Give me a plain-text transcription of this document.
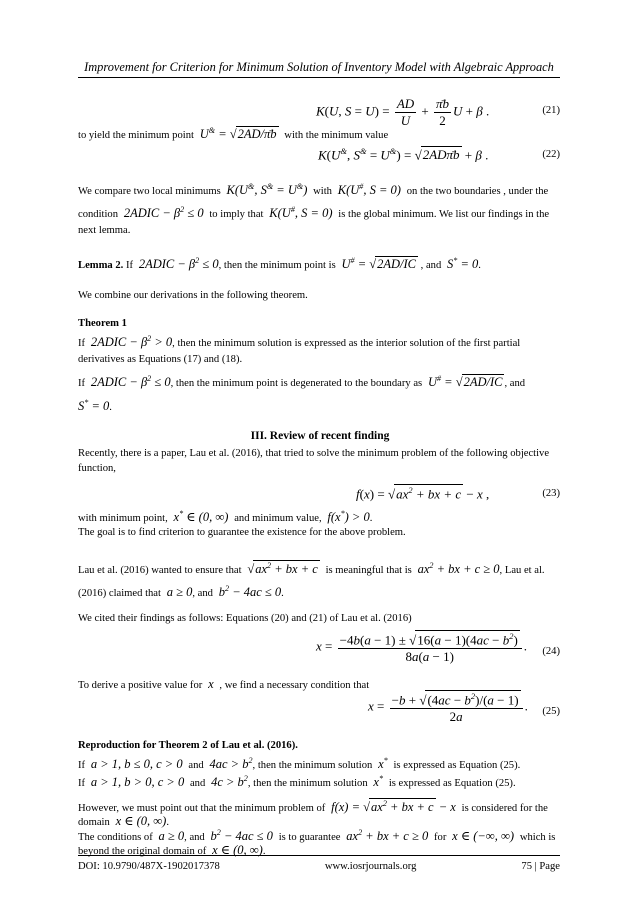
Improvement for Criterion for Minimum Solution of Inventory Model with Algebraic Approach
K(U, $S = U) = \frac{AD}{U} + \frac{\pīb}{2}$ U + β .	(21)
to yield the minimum point  U& = √2AD/π̄b with the minimum value
K(U&, S& = U&) = √2ADπ̄b + β .	(22)
We compare two local minimums  K(U&, S& = U&)  with  K(U#, S = 0)  on the two boundaries , under the
condition  2ADIC − $\beta^2 \le 0$  to imply that  K(U#, S = 0)  is the global minimum. We list our findings in the
next lemma.
Lemma 2. If  2ADIC − $\beta^2 \le 0$, then the minimum point is  U# = √2AD/IC , and  S* = 0.
We combine our derivations in the following theorem.
Theorem 1
If  2ADIC − $\beta^2 > 0$, then the minimum solution is expressed as the interior solution of the first partial
derivatives as Equations (17) and (18).
If  2ADIC − $\beta^2 \le 0$, then the minimum point is degenerated to the boundary as  U# = √2AD/IC , and
S* = 0.
III. Review of recent finding
Recently, there is a paper, Lau et al. (2016), that tried to solve the minimum problem of the following objective function,
$f(x) = √ax^2$ + bx + c − x ,	(23)
with minimum point,  x* ∈ (0, ∞)  and minimum value,  f(x*) > 0.
The goal is to find criterion to guarantee the existence for the above problem.
Lau et al. (2016) wanted to ensure that  $√ax^2$ + bx + c is meaningful that is  $ax^2$ + bx + c ≥ 0, Lau et al.
(2016) claimed that  a ≥ 0, and  $b^2 - 4ac \le 0$.
We cited their findings as follows: Equations (20) and (21) of Lau et al. (2016)
$x = \frac{-4b(a - 1) \pm √16(a - 1)(4ac - b^2)}{8a(a - 1)}$ . (24)
To derive a positive value for  x  , we find a necessary condition that
$x = \frac{-b + √(4ac - b^2)/(a - 1)}{2a}$ . (25)
Reproduction for Theorem 2 of Lau et al. (2016).
If  a > 1, b ≤ 0, c > 0  and  $4ac > b^2$, then the minimum solution  x* is expressed as Equation (25).
If  a > 1, b > 0, c > 0  and  $4c > b^2$, then the minimum solution  x* is expressed as Equation (25).
However, we must point out that the minimum problem of  $f(x) = √ax^2$ + bx + c − x  is considered for the
domain  x ∈ (0, ∞).
The conditions of  a ≥ 0, and  $b^2 - 4ac \le 0$  is to guarantee  $ax^2$ + bx + c ≥ 0  for  x ∈ (−∞, ∞)  which is
beyond the original domain of  x ∈ (0, ∞).
DOI: 10.9790/487X-1902017378	www.iosrjournals.org	75 | Page
